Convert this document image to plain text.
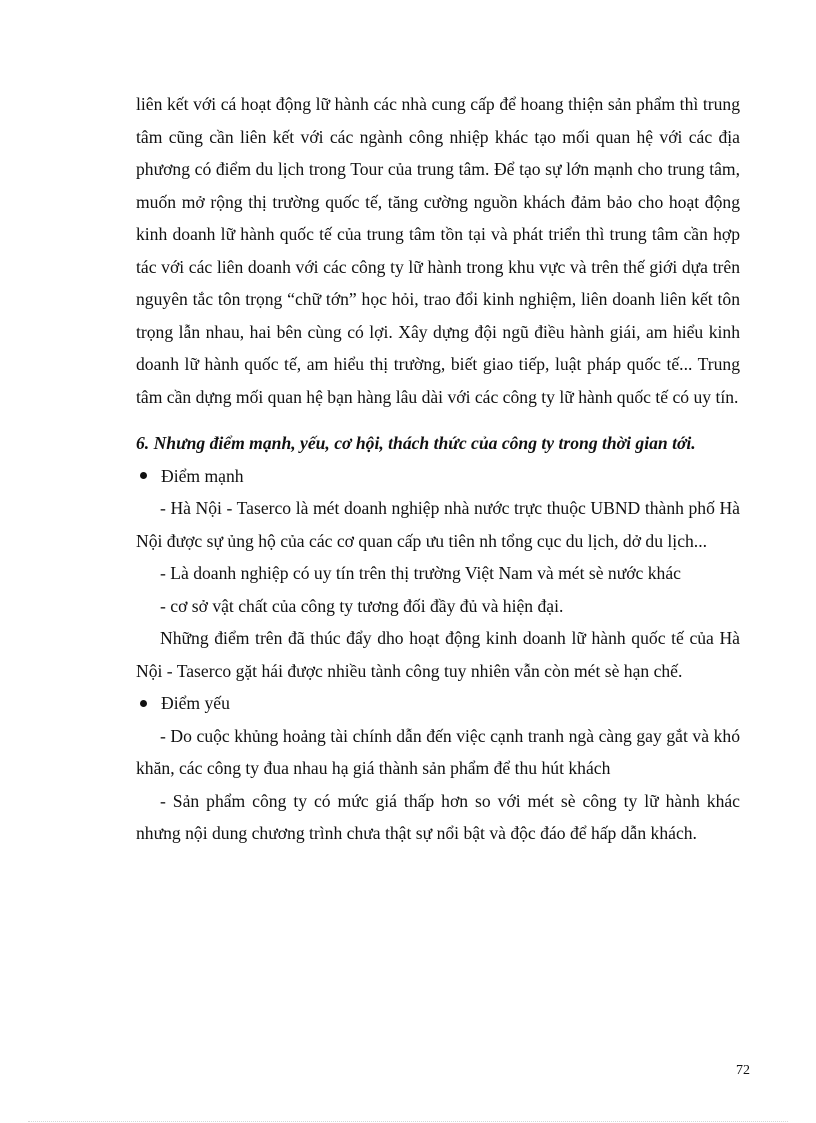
liên kết với cá hoạt động lữ hành các nhà cung cấp để hoang thiện sản phẩm thì trung tâm cũng cần liên kết với các ngành công nhiệp khác tạo mối quan hệ với các địa phương có điểm du lịch trong Tour của trung tâm. Để tạo sự lớn mạnh cho trung tâm, muốn mở rộng thị trường quốc tế, tăng cường nguồn khách đảm bảo cho hoạt động kinh doanh lữ hành quốc tế của trung tâm tồn tại và phát triển thì trung tâm cần hợp tác với các liên doanh với các công ty lữ hành trong khu vực và trên thế giới dựa trên nguyên tắc tôn trọng “chữ tớn” học hỏi, trao đổi kinh nghiệm, liên doanh liên kết tôn trọng lẫn nhau, hai bên cùng có lợi. Xây dựng đội ngũ điều hành giái, am hiểu kinh doanh lữ hành quốc tế, am hiểu thị trường, biết giao tiếp, luật pháp quốc tế... Trung tâm cần dựng mối quan hệ bạn hàng lâu dài với các công ty lữ hành quốc tế có uy tín.

6. Nhưng điểm mạnh, yếu, cơ hội, thách thức của công ty trong thời gian tới.

Điểm mạnh

- Hà Nội - Taserco là mét doanh nghiệp nhà nước trực thuộc UBND thành phố Hà Nội được sự ủng hộ của các cơ quan cấp ưu tiên nh tổng cục du lịch, dở du lịch...

- Là doanh nghiệp có uy tín trên thị trường Việt Nam và mét sè nước khác

- cơ sở vật chất của công ty tương đối đầy đủ và hiện đại.

Những điểm trên đã thúc đẩy dho hoạt động kinh doanh lữ hành quốc tế của Hà Nội - Taserco gặt hái được nhiều tành công tuy nhiên vẫn còn mét sè hạn chế.

Điểm yếu

- Do cuộc khủng hoảng tài chính dẫn đến việc cạnh tranh ngà càng gay gắt và khó khăn, các công ty đua nhau hạ giá thành sản phẩm để thu hút khách

- Sản phẩm công ty có mức giá thấp hơn so với mét sè công ty lữ hành khác nhưng nội dung chương trình chưa thật sự nổi bật và độc đáo để hấp dẫn khách.

72
